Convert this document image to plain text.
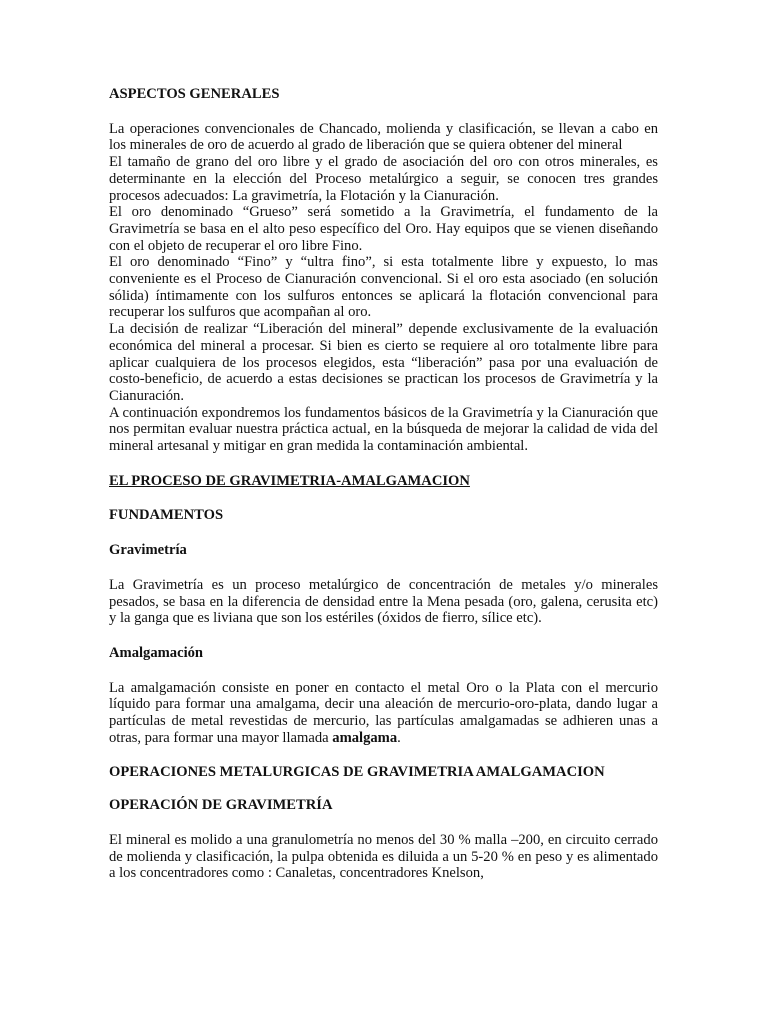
ASPECTOS GENERALES

La operaciones convencionales de Chancado, molienda y clasificación, se llevan a cabo en los minerales de oro de acuerdo al grado de liberación que se quiera obtener del mineral

El tamaño de grano del oro libre y el grado de asociación del oro con otros minerales, es determinante en la elección del Proceso metalúrgico a seguir, se conocen tres grandes procesos adecuados: La gravimetría, la Flotación y la Cianuración.

El oro denominado “Grueso” será sometido a la Gravimetría, el fundamento de la Gravimetría se basa en el alto peso específico del Oro. Hay equipos que se vienen diseñando con el objeto de recuperar el oro libre Fino.

El oro denominado “Fino” y “ultra fino”, si esta totalmente libre y expuesto, lo mas conveniente es el Proceso de Cianuración convencional. Si el oro esta asociado (en solución sólida) íntimamente con los sulfuros entonces se aplicará la flotación convencional para recuperar los sulfuros que acompañan al oro.

La decisión de realizar “Liberación del mineral” depende exclusivamente de la evaluación económica del mineral a procesar. Si bien es cierto se requiere al oro totalmente libre para aplicar cualquiera de los procesos elegidos, esta “liberación” pasa por una evaluación de costo-beneficio, de acuerdo a estas decisiones se practican los procesos de Gravimetría y la Cianuración.

A continuación expondremos los fundamentos básicos de la Gravimetría y la Cianuración que nos permitan evaluar nuestra práctica actual, en la búsqueda de mejorar la calidad de vida del mineral artesanal y mitigar en gran medida la contaminación ambiental.

EL PROCESO DE GRAVIMETRIA-AMALGAMACION

FUNDAMENTOS

Gravimetría

La Gravimetría es un proceso metalúrgico de concentración de metales y/o minerales pesados, se basa en la diferencia de densidad entre la Mena pesada (oro, galena, cerusita etc) y la ganga que es liviana que son los estériles (óxidos de fierro, sílice etc).

Amalgamación

La amalgamación consiste en poner en contacto el metal Oro o la Plata con el mercurio líquido para formar una amalgama, decir una aleación de mercurio-oro-plata, dando lugar a partículas de metal revestidas de mercurio, las partículas amalgamadas se adhieren unas a otras, para formar una mayor llamada amalgama.

OPERACIONES METALURGICAS DE GRAVIMETRIA AMALGAMACION

OPERACIÓN DE GRAVIMETRÍA

El mineral es molido a una granulometría no menos del 30 % malla –200, en circuito cerrado de molienda y clasificación, la pulpa obtenida es diluida a un 5-20 % en peso y es alimentado a los concentradores como : Canaletas, concentradores Knelson,
